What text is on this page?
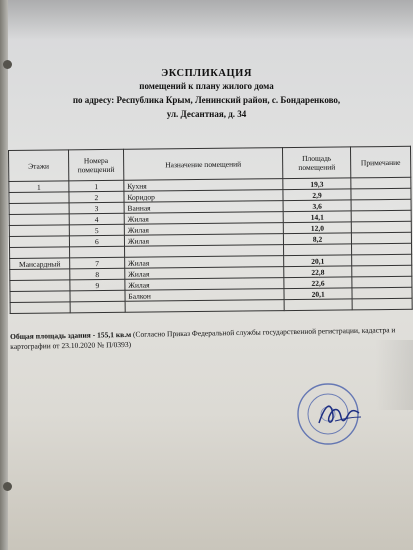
ЭКСПЛИКАЦИЯ
помещений к плану жилого дома
по адресу: Республика Крым, Ленинский район, с. Бондаренково,
ул. Десантная, д. 34
Этажи	Номера помещений	Назначение помещений	Площадь помещений	Примечание
1	1	Кухня	19,3	
	2	Коридор	2,9	
	3	Ванная	3,6	
	4	Жилая	14,1	
	5	Жилая	12,0	
	6	Жилая	8,2	

Мансардный	7	Жилая	20,1	
	8	Жилая	22,8	
	9	Жилая	22,6	
		Балкон	20,1	

Общая площадь здания - 155,1 кв.м (Согласно Приказ Федеральной службы государственной регистрации, кадастра и картографии от 23.10.2020 № П/0393)
